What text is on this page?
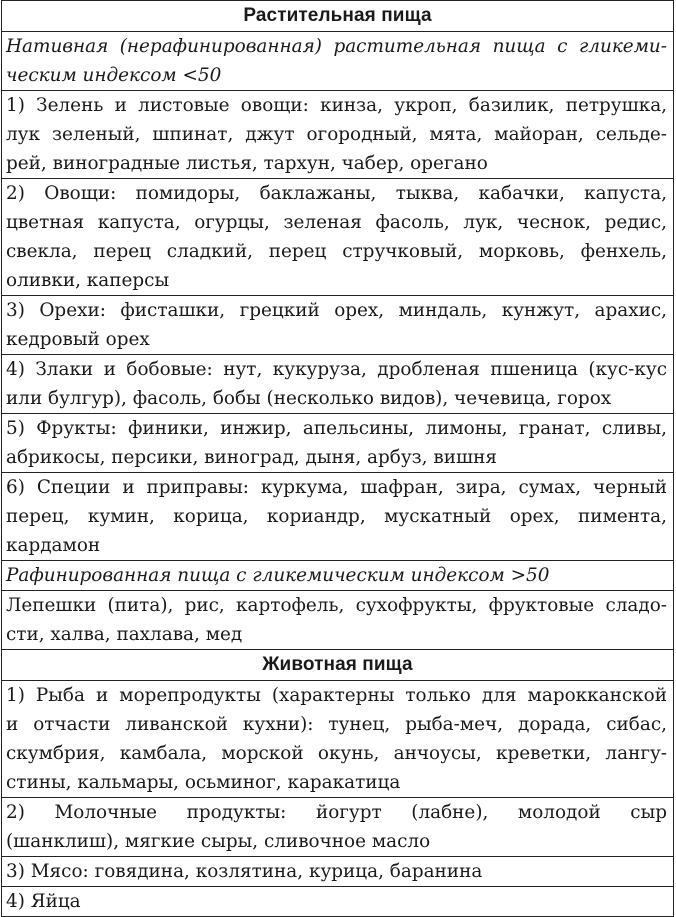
Растительная пища
Нативная (нерафинированная) растительная пища с гликеми-
ческим индексом <50
1) Зелень и листовые овощи: кинза, укроп, базилик, петрушка,
лук зеленый, шпинат, джут огородный, мята, майоран, сельде-
рей, виноградные листья, тархун, чабер, орегано
2) Овощи: помидоры, баклажаны, тыква, кабачки, капуста,
цветная капуста, огурцы, зеленая фасоль, лук, чеснок, редис,
свекла, перец сладкий, перец стручковый, морковь, фенхель,
оливки, каперсы
3) Орехи: фисташки, грецкий орех, миндаль, кунжут, арахис,
кедровый орех
4) Злаки и бобовые: нут, кукуруза, дробленая пшеница (кус-кус
или булгур), фасоль, бобы (несколько видов), чечевица, горох
5) Фрукты: финики, инжир, апельсины, лимоны, гранат, сливы,
абрикосы, персики, виноград, дыня, арбуз, вишня
6) Специи и приправы: куркума, шафран, зира, сумах, черный
перец, кумин, корица, кориандр, мускатный орех, пимента,
кардамон
Рафинированная пища с гликемическим индексом >50
Лепешки (пита), рис, картофель, сухофрукты, фруктовые сладо-
сти, халва, пахлава, мед
Животная пища
1) Рыба и морепродукты (характерны только для марокканской
и отчасти ливанской кухни): тунец, рыба-меч, дорада, сибас,
скумбрия, камбала, морской окунь, анчоусы, креветки, лангу-
стины, кальмары, осьминог, каракатица
2) Молочные продукты: йогурт (лабне), молодой сыр
(шанклиш), мягкие сыры, сливочное масло
3) Мясо: говядина, козлятина, курица, баранина
4) Яйца
